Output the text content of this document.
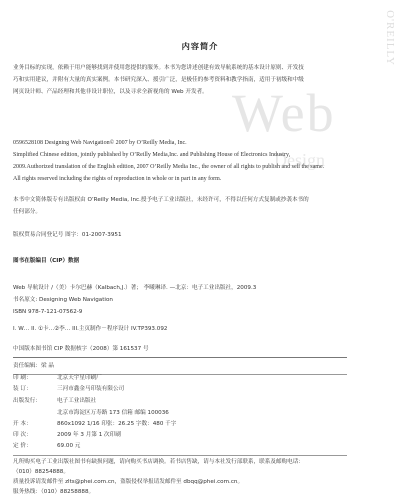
O'REILLY
Web
Design
内容简介
业务目标的实现，依赖于用户能够找到并使用您提供的服务。本书为您讲述创建有效导航系统的基本设计原则、开发技
巧和实用建议，并附有大量的真实案例。本书研究深入、援引广泛，是极佳的参考资料和教学指南，适用于初级和中级
网页设计师、产品经理和其他非设计职位，以及寻求全新视角的 Web 开发者。
0596528108 Designing Web Navigation© 2007 by O’Reilly Media, Inc.
Simplified Chinese edition, jointly published by O’Reilly Media,Inc. and Publishing House of Electronics Industry,
2009.Authorized translation of the English edition, 2007 O’Reilly Media Inc., the owner of all rights to publish and sell the same.
All rights reserved including the rights of reproduction in whole or in part in any form.
本书中文简体版专有出版权由 O’Reilly Media, Inc.授予电子工业出版社，未经许可，不得以任何方式复制或抄袭本书的
任何部分。
版权贸易合同登记号 图字：01-2007-3951
图书在版编目（CIP）数据
Web 导航设计 /（美）卡尔巴赫（Kalbach,J.）著； 李曦琳译. —北京：电子工业出版社，2009.3
书名原文: Designing Web Navigation
ISBN 978-7-121-07562-9
I. W… II. ①卡…②李… III.主页制作－程序设计 IV.TP393.092
中国版本图书馆 CIP 数据核字（2008）第 161537 号
责任编辑：梁 晶
印 刷：	北京天宇星印刷厂
装 订：	三河市鑫金马印装有限公司
出版发行：	电子工业出版社
北京市海淀区万寿路 173 信箱 邮编 100036
开 本：	860x1092 1/16 印张：26.25 字数：480 千字
印 次：	2009 年 3 月第 1 次印刷
定 价：	69.00 元
凡所购买电子工业出版社图书有缺损问题，请向购买书店调换。若书店售缺，请与本社发行部联系，联系及邮购电话：
（010）88254888。
质量投诉请发邮件至 zlts@phei.com.cn，盗版侵权举报请发邮件至 dbqq@phei.com.cn。
服务热线：（010）88258888。
